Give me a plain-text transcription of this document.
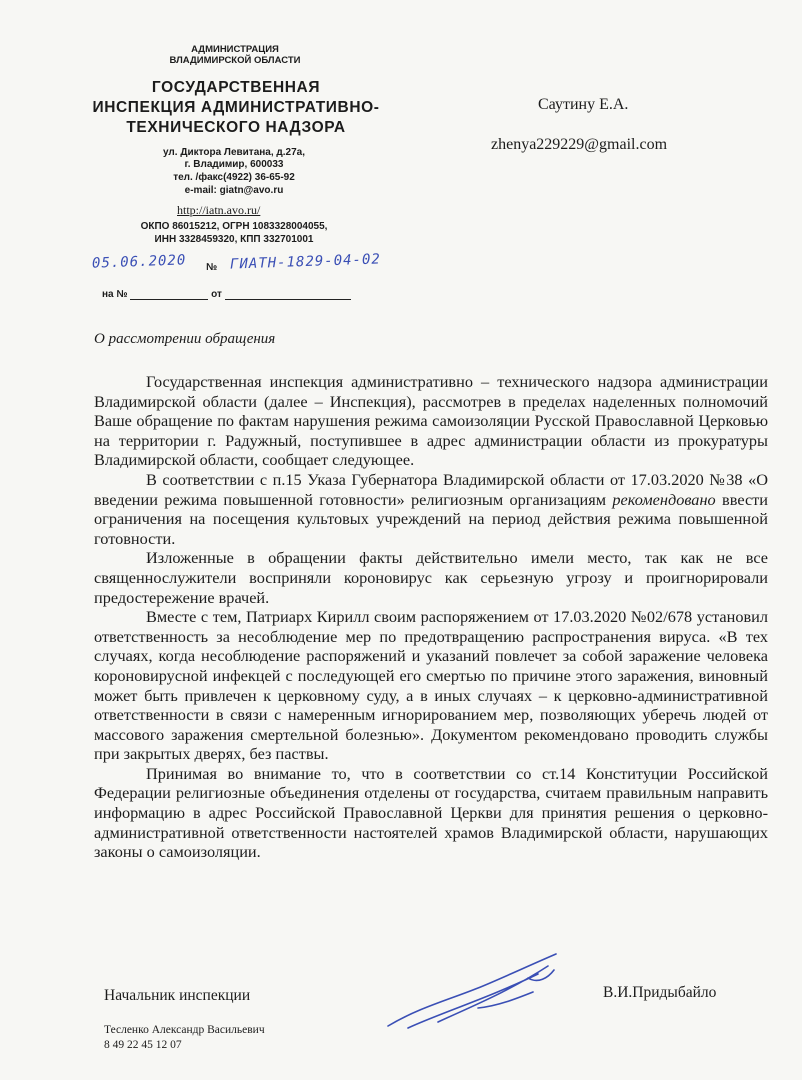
АДМИНИСТРАЦИЯ
ВЛАДИМИРСКОЙ ОБЛАСТИ
ГОСУДАРСТВЕННАЯ
ИНСПЕКЦИЯ АДМИНИСТРАТИВНО-
ТЕХНИЧЕСКОГО НАДЗОРА
ул. Диктора Левитана, д.27а,
г. Владимир, 600033
тел. /факс(4922) 36-65-92
e-mail: giatn@avo.ru
http://iatn.avo.ru/
ОКПО 86015212, ОГРН 1083328004055,
ИНН 3328459320, КПП 332701001
05.06.2020 № ГИАТН-1829-04-02
на №	от
Саутину Е.А.
zhenya229229@gmail.com
О рассмотрении обращения

Государственная инспекция административно – технического надзора администрации Владимирской области (далее – Инспекция), рассмотрев в пределах наделенных полномочий Ваше обращение по фактам нарушения режима самоизоляции Русской Православной Церковью на территории г. Радужный, поступившее в адрес администрации области из прокуратуры Владимирской области, сообщает следующее.

В соответствии с п.15 Указа Губернатора Владимирской области от 17.03.2020 №38 «О введении режима повышенной готовности» религиозным организациям рекомендовано ввести ограничения на посещения культовых учреждений на период действия режима повышенной готовности.

Изложенные в обращении факты действительно имели место, так как не все священнослужители восприняли короновирус как серьезную угрозу и проигнорировали предостережение врачей.

Вместе с тем, Патриарх Кирилл своим распоряжением от 17.03.2020 №02/678 установил ответственность за несоблюдение мер по предотвращению распространения вируса. «В тех случаях, когда несоблюдение распоряжений и указаний повлечет за собой заражение человека короновирусной инфекцей с последующей его смертью по причине этого заражения, виновный может быть привлечен к церковному суду, а в иных случаях – к церковно-административной ответственности в связи с намеренным игнорированием мер, позволяющих уберечь людей от массового заражения смертельной болезнью». Документом рекомендовано проводить службы при закрытых дверях, без паствы.

Принимая во внимание то, что в соответствии со ст.14 Конституции Российской Федерации религиозные объединения отделены от государства, считаем правильным направить информацию в адрес Российской Православной Церкви для принятия решения о церковно-административной ответственности настоятелей храмов Владимирской области, нарушающих законы о самоизоляции.

Начальник инспекции	В.И.Придыбайло
Тесленко Александр Васильевич
8 49 22 45 12 07
